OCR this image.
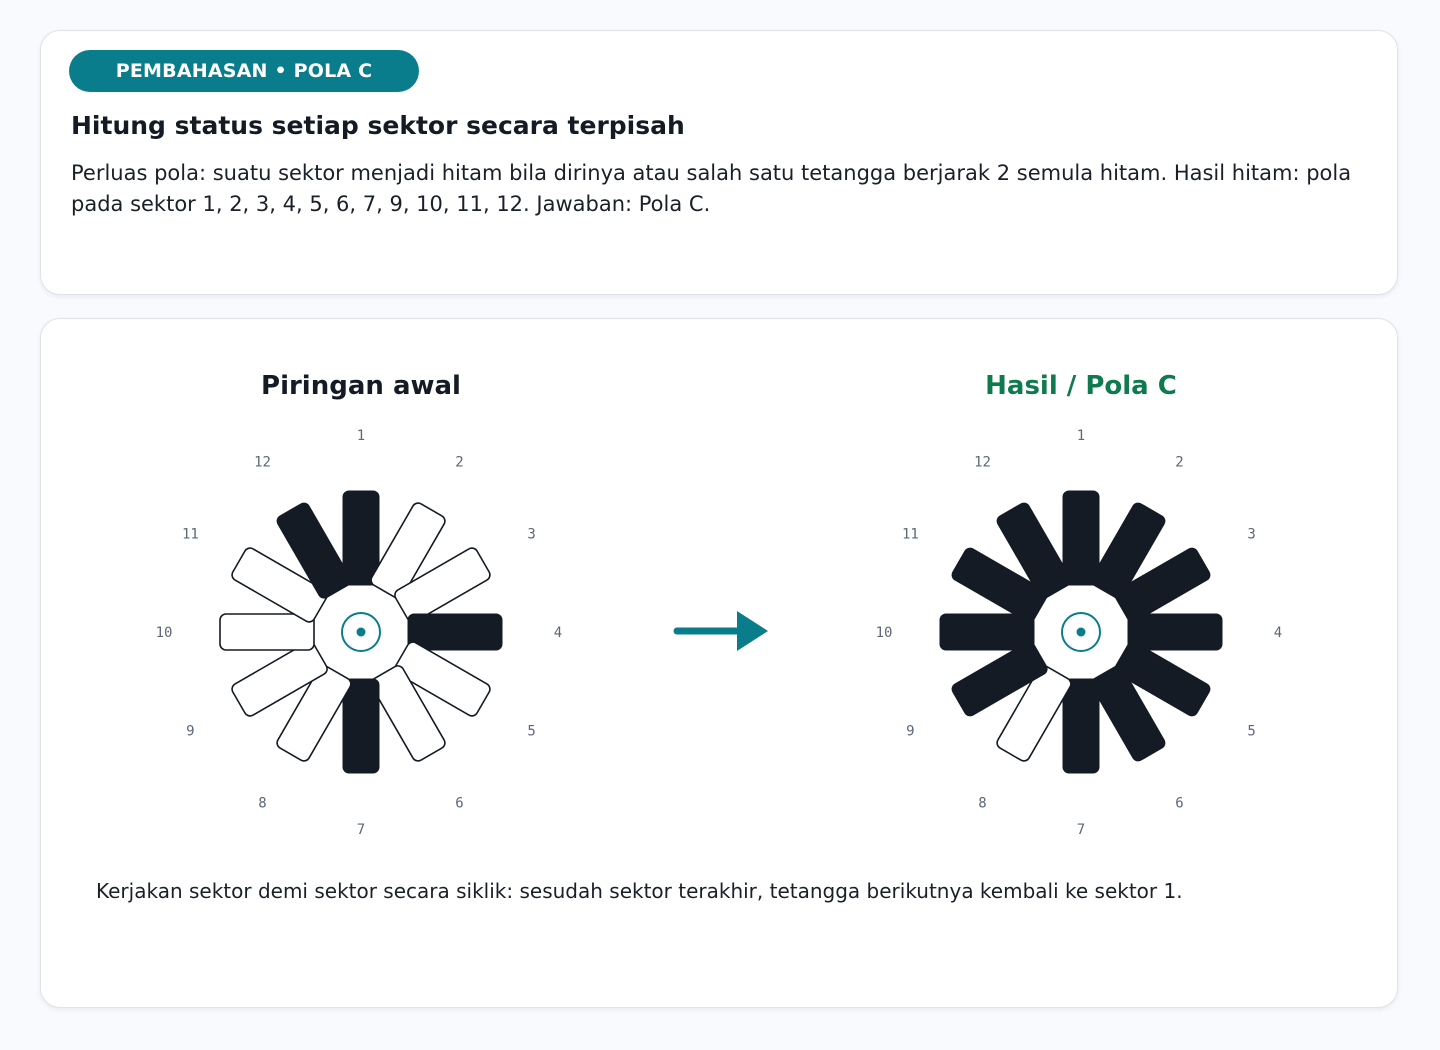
PEMBAHASAN • POLA C
Hitung status setiap sektor secara terpisah

Perluas pola: suatu sektor menjadi hitam bila dirinya atau salah satu tetangga berjarak 2 semula hitam. Hasil hitam: pola pada sektor 1, 2, 3, 4, 5, 6, 7, 9, 10, 11, 12. Jawaban: Pola C.

Piringan awal	Hasil / Pola C
1
2
3
4
5
6
7
8
9
10
11
12
1
2
3
4
5
6
7
8
9
10
11
12

Kerjakan sektor demi sektor secara siklik: sesudah sektor terakhir, tetangga berikutnya kembali ke sektor 1.
